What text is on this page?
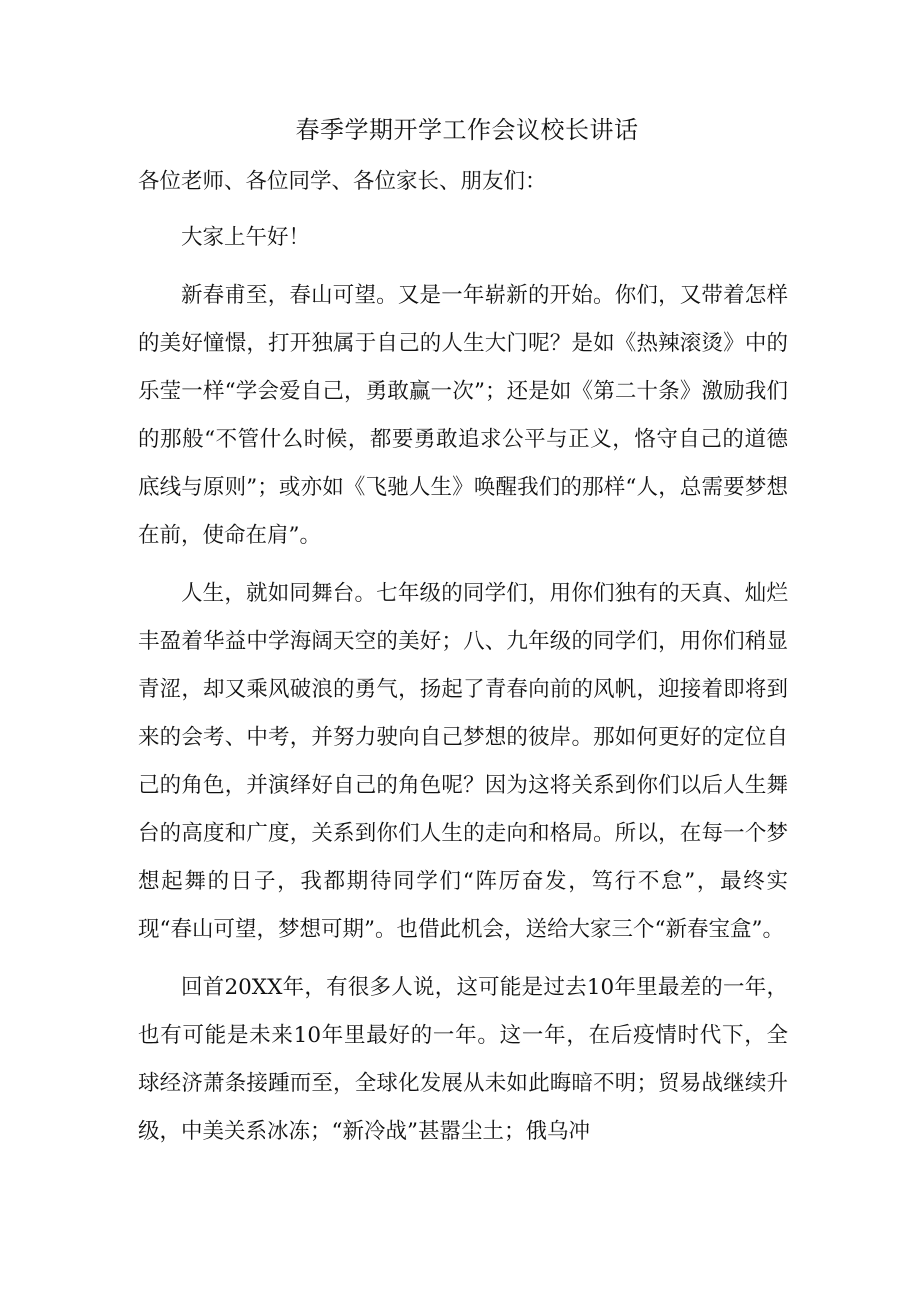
春季学期开学工作会议校长讲话

各位老师、各位同学、各位家长、朋友们：

大家上午好！

新春甫至，春山可望。又是一年崭新的开始。你们，又带着怎样的美好憧憬，打开独属于自己的人生大门呢？是如《热辣滚烫》中的乐莹一样“学会爱自己，勇敢赢一次”；还是如《第二十条》激励我们的那般“不管什么时候，都要勇敢追求公平与正义，恪守自己的道德底线与原则”；或亦如《飞驰人生》唤醒我们的那样“人，总需要梦想在前，使命在肩”。

人生，就如同舞台。七年级的同学们，用你们独有的天真、灿烂丰盈着华益中学海阔天空的美好；八、九年级的同学们，用你们稍显青涩，却又乘风破浪的勇气，扬起了青春向前的风帆，迎接着即将到来的会考、中考，并努力驶向自己梦想的彼岸。那如何更好的定位自己的角色，并演绎好自己的角色呢？因为这将关系到你们以后人生舞台的高度和广度，关系到你们人生的走向和格局。所以，在每一个梦想起舞的日子，我都期待同学们“阵厉奋发，笃行不怠”，最终实现“春山可望，梦想可期”。也借此机会，送给大家三个“新春宝盒”。

回首20XX年，有很多人说，这可能是过去10年里最差的一年，也有可能是未来10年里最好的一年。这一年，在后疫情时代下，全球经济萧条接踵而至，全球化发展从未如此晦暗不明；贸易战继续升级，中美关系冰冻；“新冷战”甚嚣尘土；俄乌冲
